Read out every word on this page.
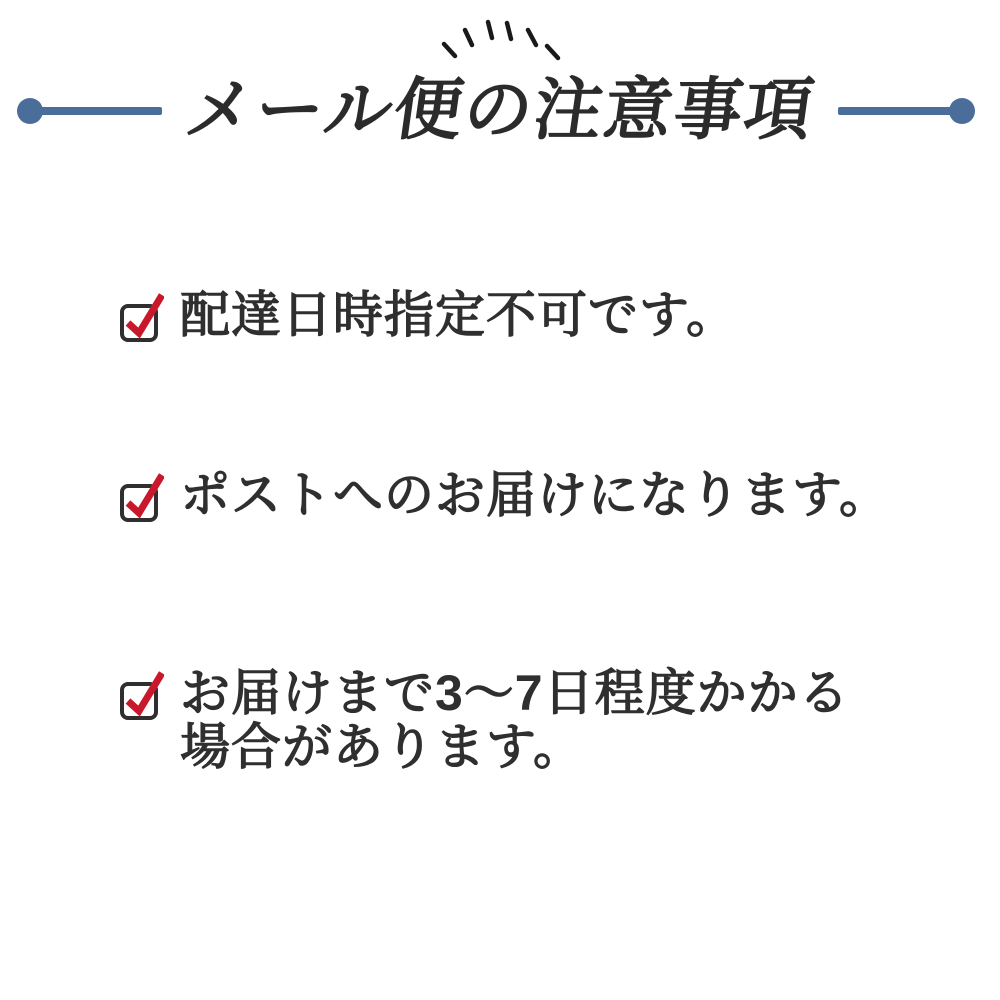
メール便の注意事項
配達日時指定不可です。
ポストへのお届けになります。
お届けまで3〜7日程度かかる
場合があります。
